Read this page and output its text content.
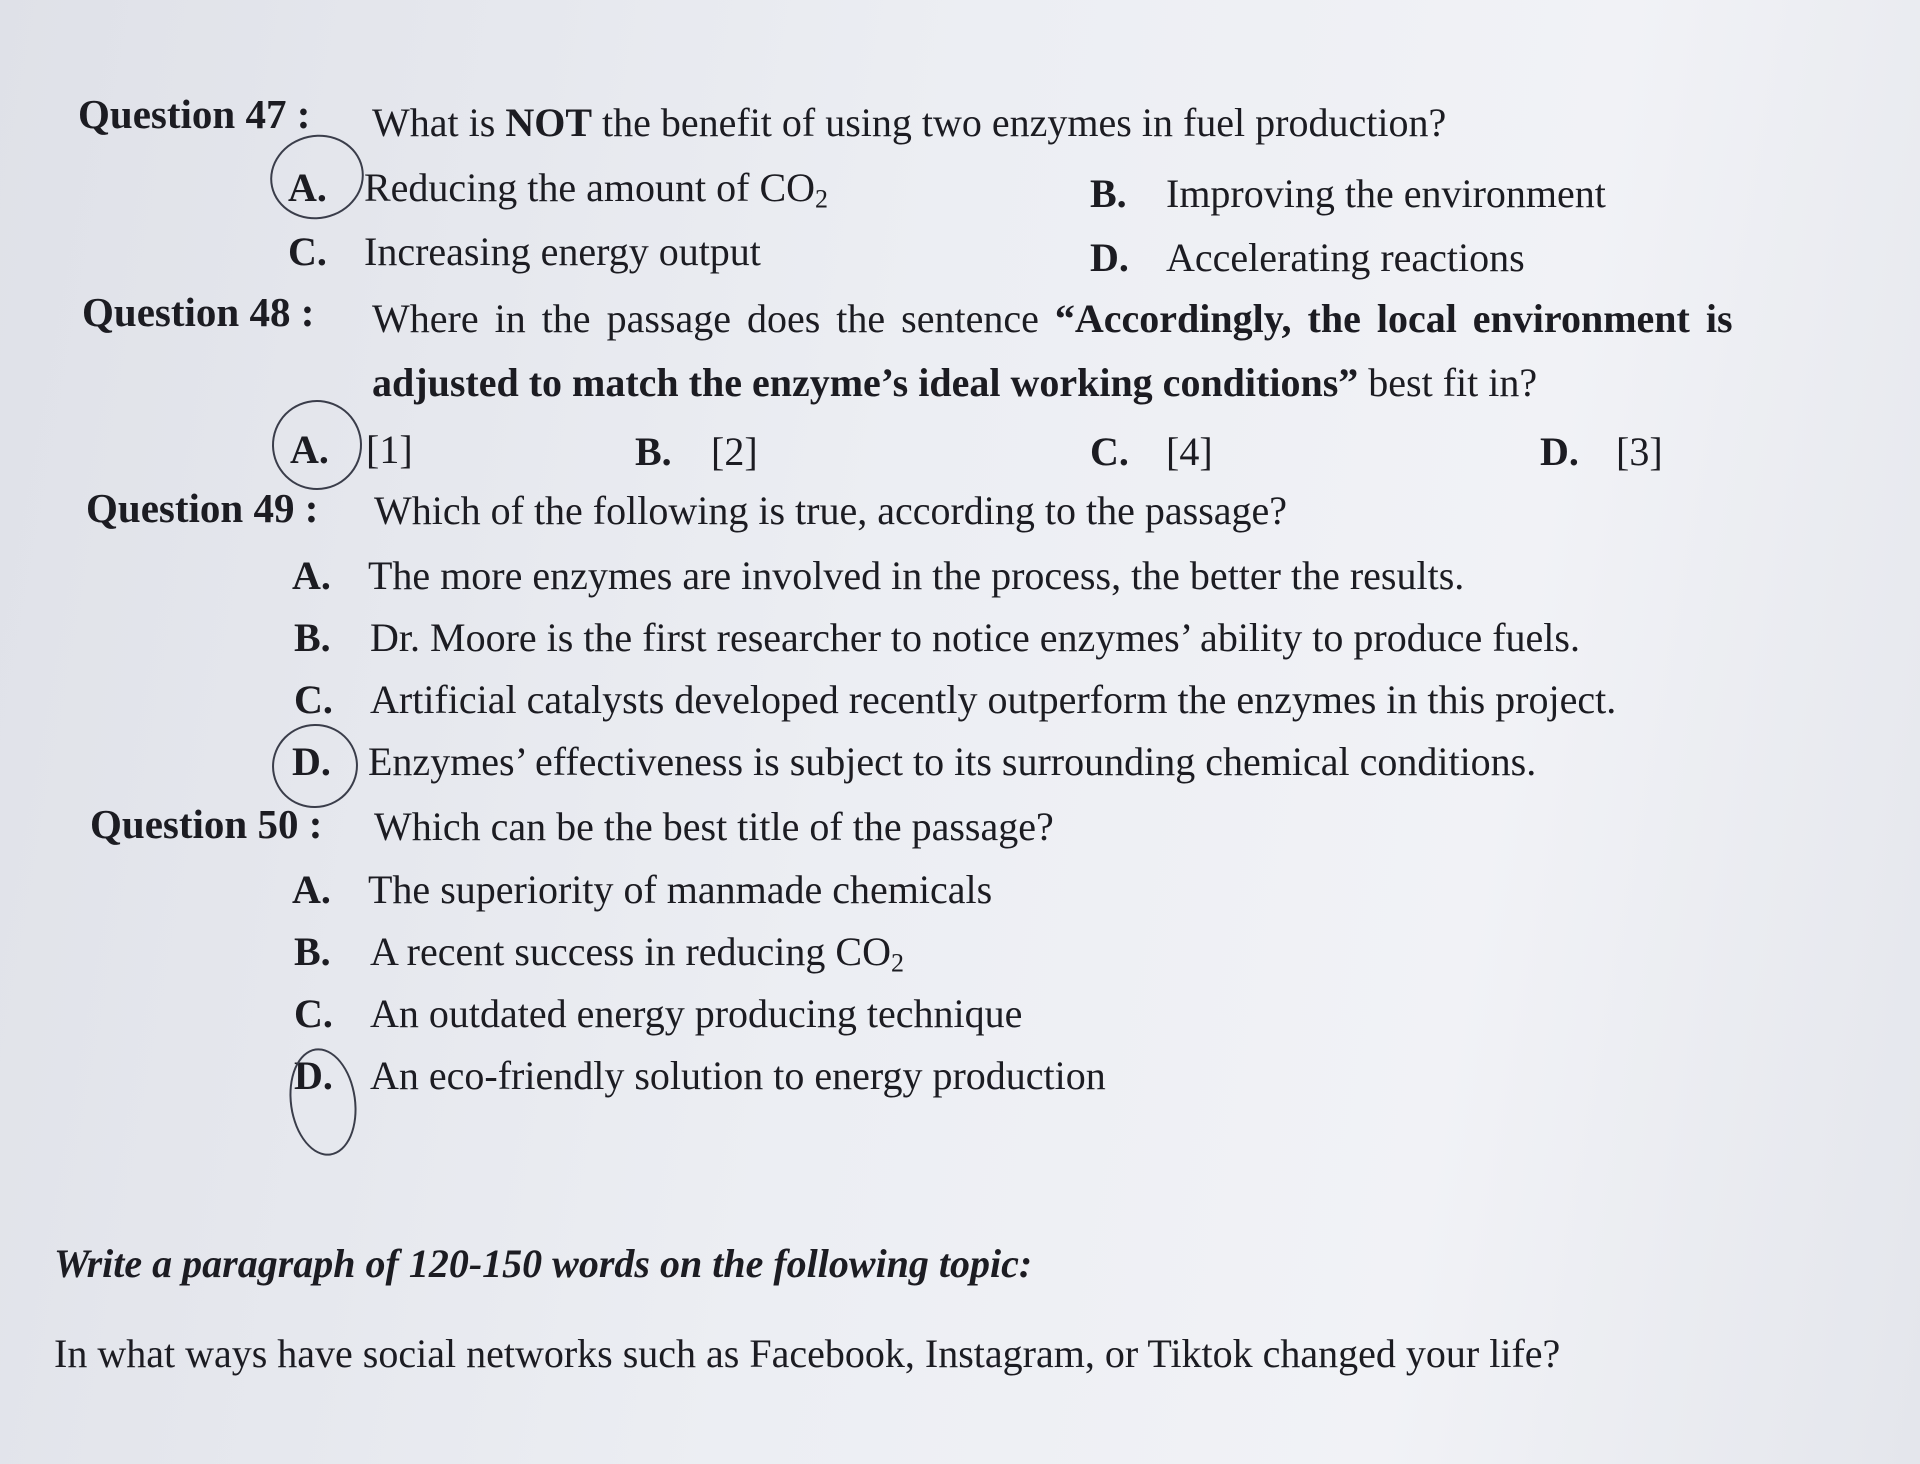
Question 47 : What is NOT the benefit of using two enzymes in fuel production?
A. Reducing the amount of $CO_2$	B. Improving the environment
C. Increasing energy output	D. Accelerating reactions
Question 48 : Where in the passage does the sentence “Accordingly, the local environment is
adjusted to match the enzyme’s ideal working conditions” best fit in?
A. [1]	B. [2]	C. [4]	D. [3]
Question 49 : Which of the following is true, according to the passage?
A. The more enzymes are involved in the process, the better the results.
B. Dr. Moore is the first researcher to notice enzymes’ ability to produce fuels.
C. Artificial catalysts developed recently outperform the enzymes in this project.
D. Enzymes’ effectiveness is subject to its surrounding chemical conditions.
Question 50 : Which can be the best title of the passage?
A. The superiority of manmade chemicals
B. A recent success in reducing $CO_2$
C. An outdated energy producing technique
D. An eco-friendly solution to energy production
Write a paragraph of 120-150 words on the following topic:
In what ways have social networks such as Facebook, Instagram, or Tiktok changed your life?
